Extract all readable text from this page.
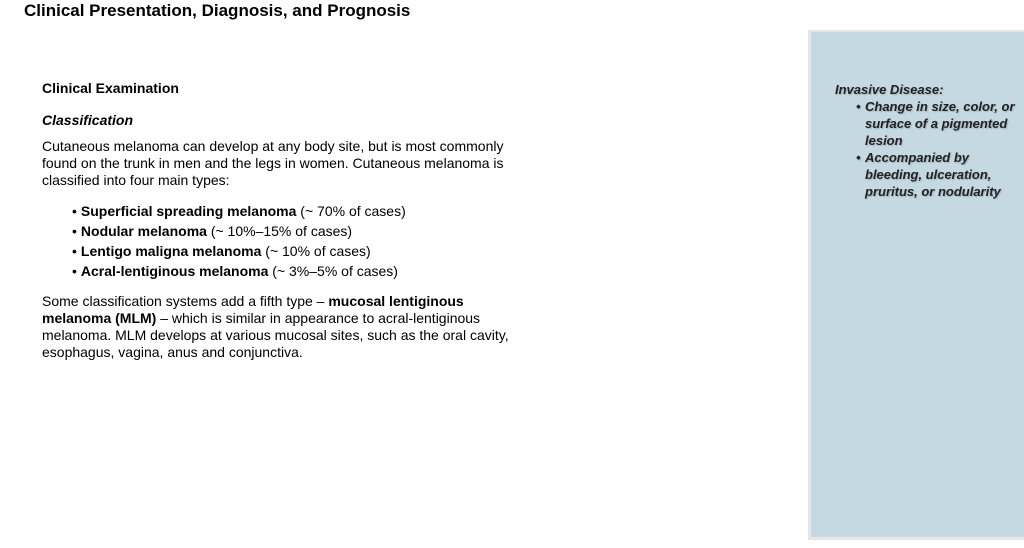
Clinical Presentation, Diagnosis, and Prognosis
Clinical Examination
Classification

Cutaneous melanoma can develop at any body site, but is most commonly found on the trunk in men and the legs in women. Cutaneous melanoma is classified into four main types:

• Superficial spreading melanoma (~ 70% of cases)
• Nodular melanoma (~ 10%–15% of cases)
• Lentigo maligna melanoma (~ 10% of cases)
• Acral-lentiginous melanoma (~ 3%–5% of cases)

Some classification systems add a fifth type – mucosal lentiginous melanoma (MLM) – which is similar in appearance to acral-lentiginous melanoma. MLM develops at various mucosal sites, such as the oral cavity, esophagus, vagina, anus and conjunctiva.

Invasive Disease:

• Change in size, color, or surface of a pigmented lesion
• Accompanied by bleeding, ulceration, pruritus, or nodularity
